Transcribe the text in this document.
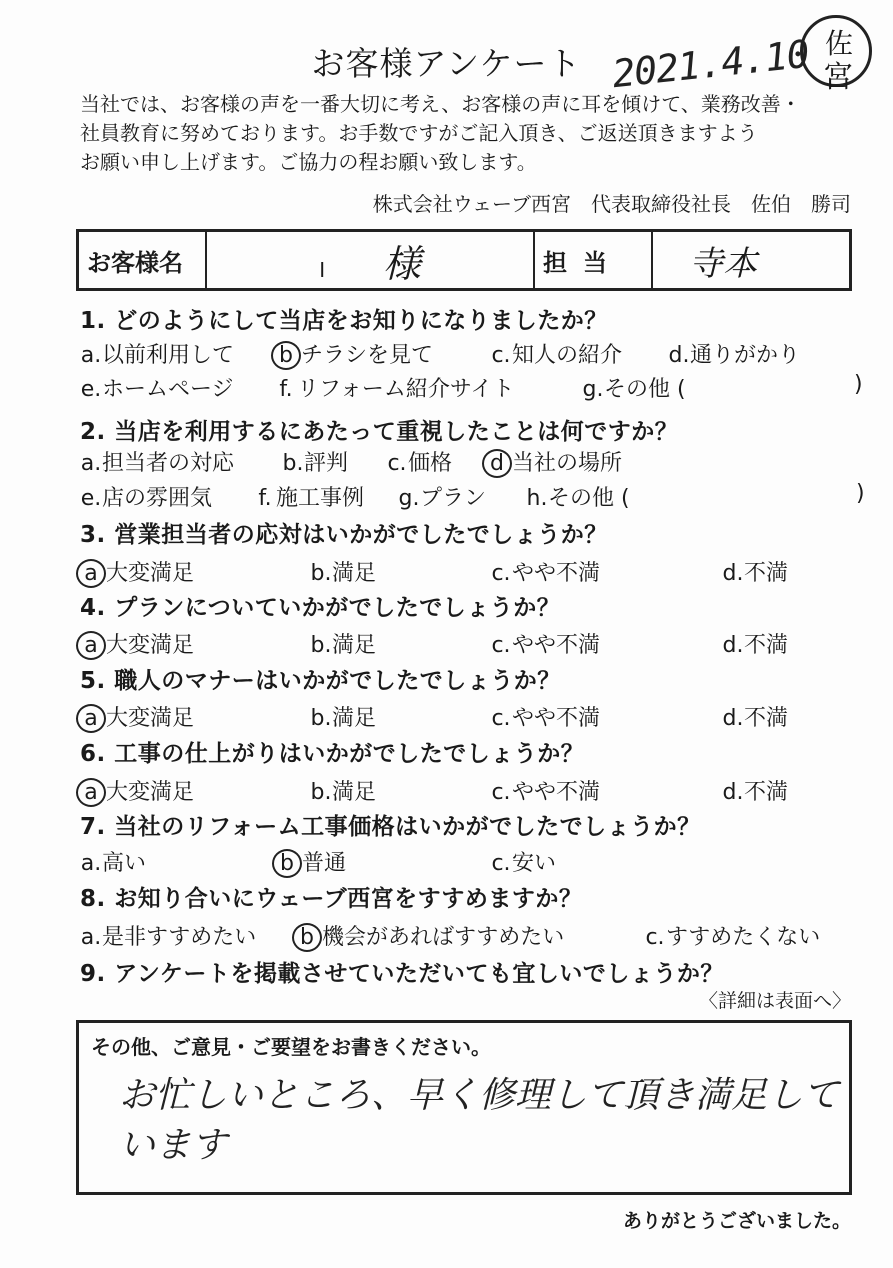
お客様アンケート 2021.4.10 佐
宮
当社では、お客様の声を一番大切に考え、お客様の声に耳を傾けて、業務改善・
社員教育に努めております。お手数ですがご記入頂き、ご返送頂きますよう
お願い申し上げます。ご協力の程お願い致します。
株式会社ウェーブ西宮　代表取締役社長　佐伯　勝司
お客様名	I 様	担当	寺本
1. どのようにして当店をお知りになりましたか？
a.以前利用して b チラシを見て	c.知人の紹介 d.通りがかり
e.ホームページ f. リフォーム紹介サイト	g.その他 (	)
2. 当店を利用するにあたって重視したことは何ですか？
a.担当者の対応 b.評判 c.価格 d 当社の場所
e.店の雰囲気 f. 施工事例 g.プラン h.その他 (	)
3. 営業担当者の応対はいかがでしたでしょうか？
a 大変満足	b.満足	c.やや不満	d.不満
4. プランについていかがでしたでしょうか？
a 大変満足	b.満足	c.やや不満	d.不満
5. 職人のマナーはいかがでしたでしょうか？
a 大変満足	b.満足	c.やや不満	d.不満
6. 工事の仕上がりはいかがでしたでしょうか？
a 大変満足	b.満足	c.やや不満	d.不満
7. 当社のリフォーム工事価格はいかがでしたでしょうか？
a.高い	b 普通	c.安い
8. お知り合いにウェーブ西宮をすすめますか？
a.是非すすめたい b 機会があればすすめたい	c.すすめたくない
9. アンケートを掲載させていただいても宜しいでしょうか？
〈詳細は表面へ〉
その他、ご意見・ご要望をお書きください。
お忙しいところ、早く修理して頂き満足しています
ありがとうございました。
